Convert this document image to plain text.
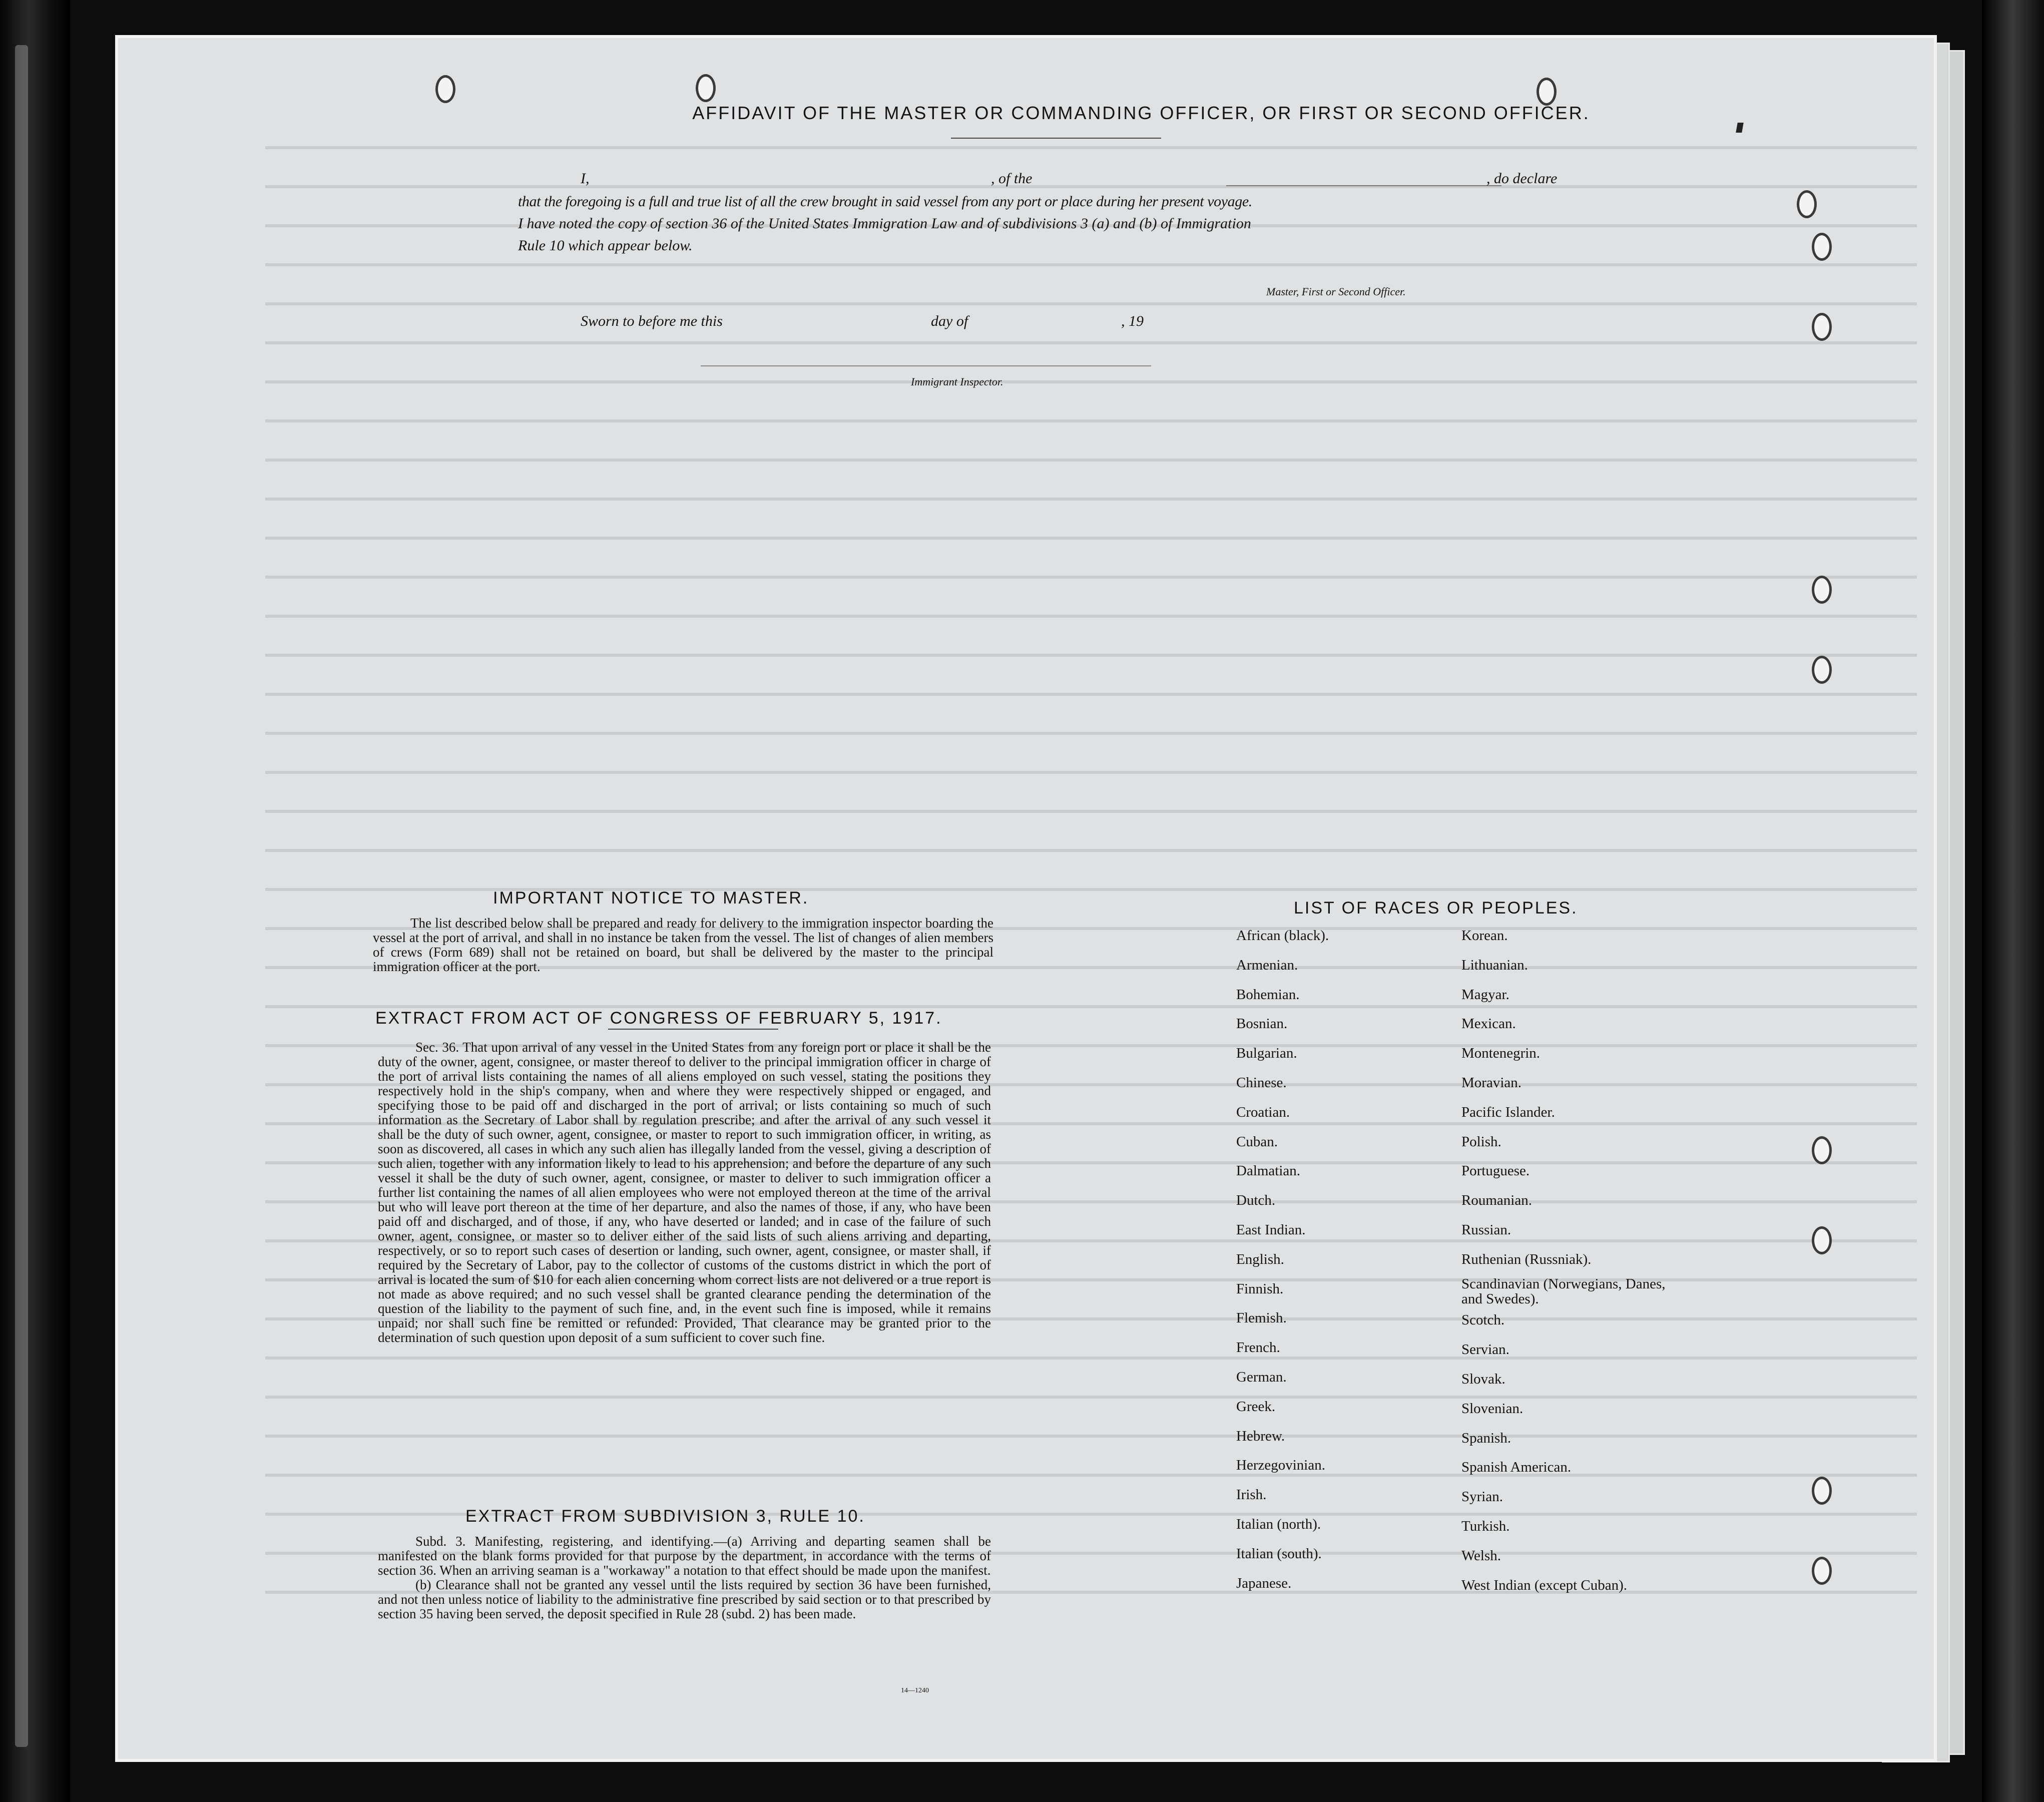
AFFIDAVIT OF THE MASTER OR COMMANDING OFFICER, OR FIRST OR SECOND OFFICER.
I,	, of the	, do declare
that the foregoing is a full and true list of all the crew brought in said vessel from any port or place during her present voyage.
I have noted the copy of section 36 of the United States Immigration Law and of subdivisions 3 (a) and (b) of Immigration
Rule 10 which appear below.
Master, First or Second Officer.
Sworn to before me this	day of	, 19
Immigrant Inspector.
IMPORTANT NOTICE TO MASTER.

The list described below shall be prepared and ready for delivery to the immigration inspector boarding the vessel at the port of arrival, and shall in no instance be taken from the vessel. The list of changes of alien members of crews (Form 689) shall not be retained on board, but shall be delivered by the master to the principal immigration officer at the port.

EXTRACT FROM ACT OF CONGRESS OF FEBRUARY 5, 1917.

Sec. 36. That upon arrival of any vessel in the United States from any foreign port or place it shall be the duty of the owner, agent, consignee, or master thereof to deliver to the principal immigration officer in charge of the port of arrival lists containing the names of all aliens employed on such vessel, stating the positions they respectively hold in the ship's company, when and where they were respectively shipped or engaged, and specifying those to be paid off and discharged in the port of arrival; or lists containing so much of such information as the Secretary of Labor shall by regulation prescribe; and after the arrival of any such vessel it shall be the duty of such owner, agent, consignee, or master to report to such immigration officer, in writing, as soon as discovered, all cases in which any such alien has illegally landed from the vessel, giving a description of such alien, together with any information likely to lead to his apprehension; and before the departure of any such vessel it shall be the duty of such owner, agent, consignee, or master to deliver to such immigration officer a further list containing the names of all alien employees who were not employed thereon at the time of the arrival but who will leave port thereon at the time of her departure, and also the names of those, if any, who have been paid off and discharged, and of those, if any, who have deserted or landed; and in case of the failure of such owner, agent, consignee, or master so to deliver either of the said lists of such aliens arriving and departing, respectively, or so to report such cases of desertion or landing, such owner, agent, consignee, or master shall, if required by the Secretary of Labor, pay to the collector of customs of the customs district in which the port of arrival is located the sum of $10 for each alien concerning whom correct lists are not delivered or a true report is not made as above required; and no such vessel shall be granted clearance pending the determination of the question of the liability to the payment of such fine, and, in the event such fine is imposed, while it remains unpaid; nor shall such fine be remitted or refunded: Provided, That clearance may be granted prior to the determination of such question upon deposit of a sum sufficient to cover such fine.

EXTRACT FROM SUBDIVISION 3, RULE 10.

Subd. 3. Manifesting, registering, and identifying.—(a) Arriving and departing seamen shall be manifested on the blank forms provided for that purpose by the department, in accordance with the terms of section 36. When an arriving seaman is a "workaway" a notation to that effect should be made upon the manifest.

(b) Clearance shall not be granted any vessel until the lists required by section 36 have been furnished, and not then unless notice of liability to the administrative fine prescribed by said section or to that prescribed by section 35 having been served, the deposit specified in Rule 28 (subd. 2) has been made.

14—1240
LIST OF RACES OR PEOPLES.
African (black).
Armenian.
Bohemian.
Bosnian.
Bulgarian.
Chinese.
Croatian.
Cuban.
Dalmatian.
Dutch.
East Indian.
English.
Finnish.
Flemish.
French.
German.
Greek.
Hebrew.
Herzegovinian.
Irish.
Italian (north).
Italian (south).
Japanese.
Korean.
Lithuanian.
Magyar.
Mexican.
Montenegrin.
Moravian.
Pacific Islander.
Polish.
Portuguese.
Roumanian.
Russian.
Ruthenian (Russniak).
Scandinavian (Norwegians, Danes, and Swedes).
Scotch.
Servian.
Slovak.
Slovenian.
Spanish.
Spanish American.
Syrian.
Turkish.
Welsh.
West Indian (except Cuban).
